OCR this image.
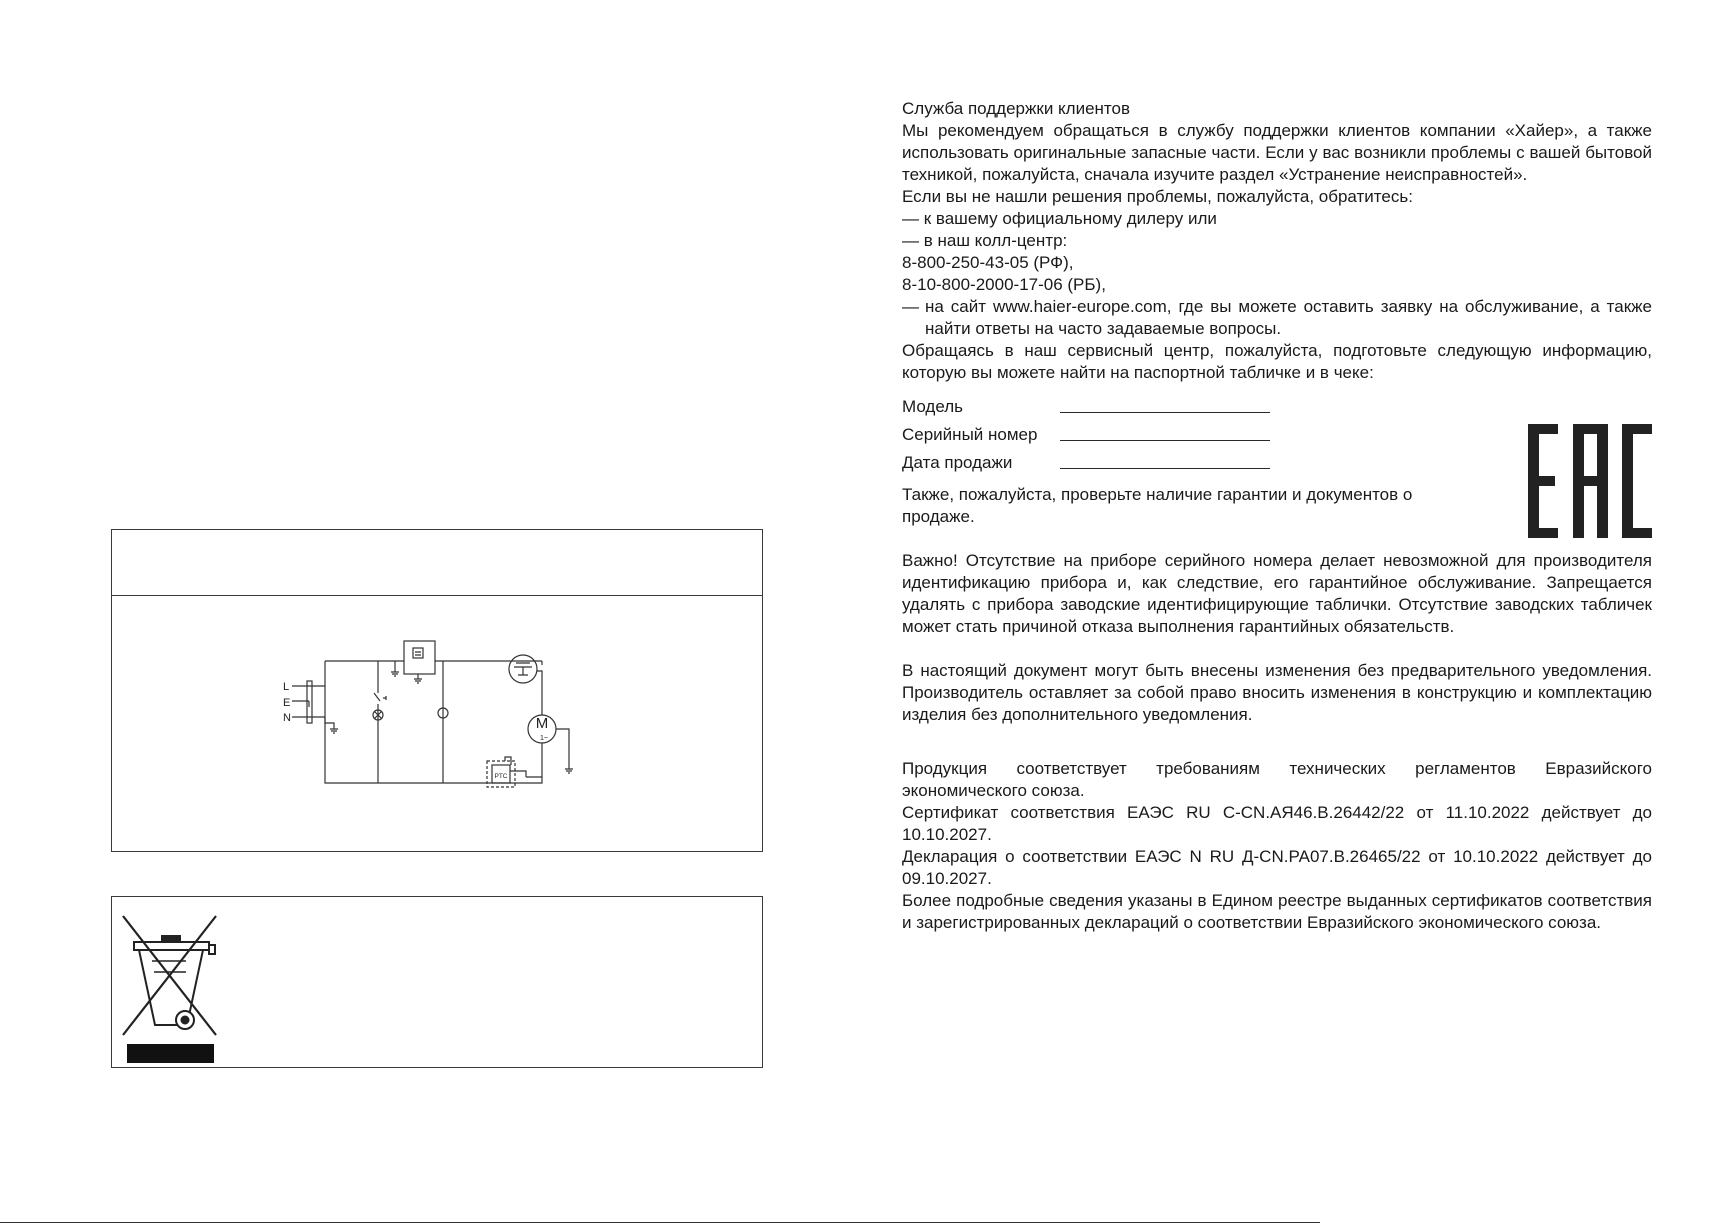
M
1~
PTC
L
E
N

Служба поддержки клиентов

Мы рекомендуем обращаться в службу поддержки клиентов компании «Хайер», а также использовать оригинальные запасные части. Если у вас возникли проблемы с вашей бытовой техникой, пожалуйста, сначала изучите раздел «Устранение неисправностей».

Если вы не нашли решения проблемы, пожалуйста, обратитесь:

— к вашему официальному дилеру или

— в наш колл-центр:

8-800-250-43-05 (РФ),

8-10-800-2000-17-06 (РБ),

— на сайт www.haier-europe.com, где вы можете оставить заявку на обслуживание, а также найти ответы на часто задаваемые вопросы.

Обращаясь в наш сервисный центр, пожалуйста, подготовьте следующую информацию, которую вы можете найти на паспортной табличке и в чеке:

Модель
Серийный номер
Дата продажи

Также, пожалуйста, проверьте наличие гарантии и документов о продаже.

Важно! Отсутствие на приборе серийного номера делает невозможной для производителя идентификацию прибора и, как следствие, его гарантийное обслуживание. Запрещается удалять с прибора заводские идентифицирующие таблички. Отсутствие заводских табличек может стать причиной отказа выполнения гарантийных обязательств.

В настоящий документ могут быть внесены изменения без предварительного уведомления. Производитель оставляет за собой право вносить изменения в конструкцию и комплектацию изделия без дополнительного уведомления.

Продукция соответствует требованиям технических регламентов Евразийского экономического союза.

Сертификат соответствия ЕАЭС RU C-CN.АЯ46.В.26442/22 от 11.10.2022 действует до 10.10.2027.

Декларация о соответствии ЕАЭС N RU Д-CN.РА07.В.26465/22 от 10.10.2022 действует до 09.10.2027.

Более подробные сведения указаны в Едином реестре выданных сертификатов соответствия и зарегистрированных деклараций о соответствии Евразийского экономического союза.
